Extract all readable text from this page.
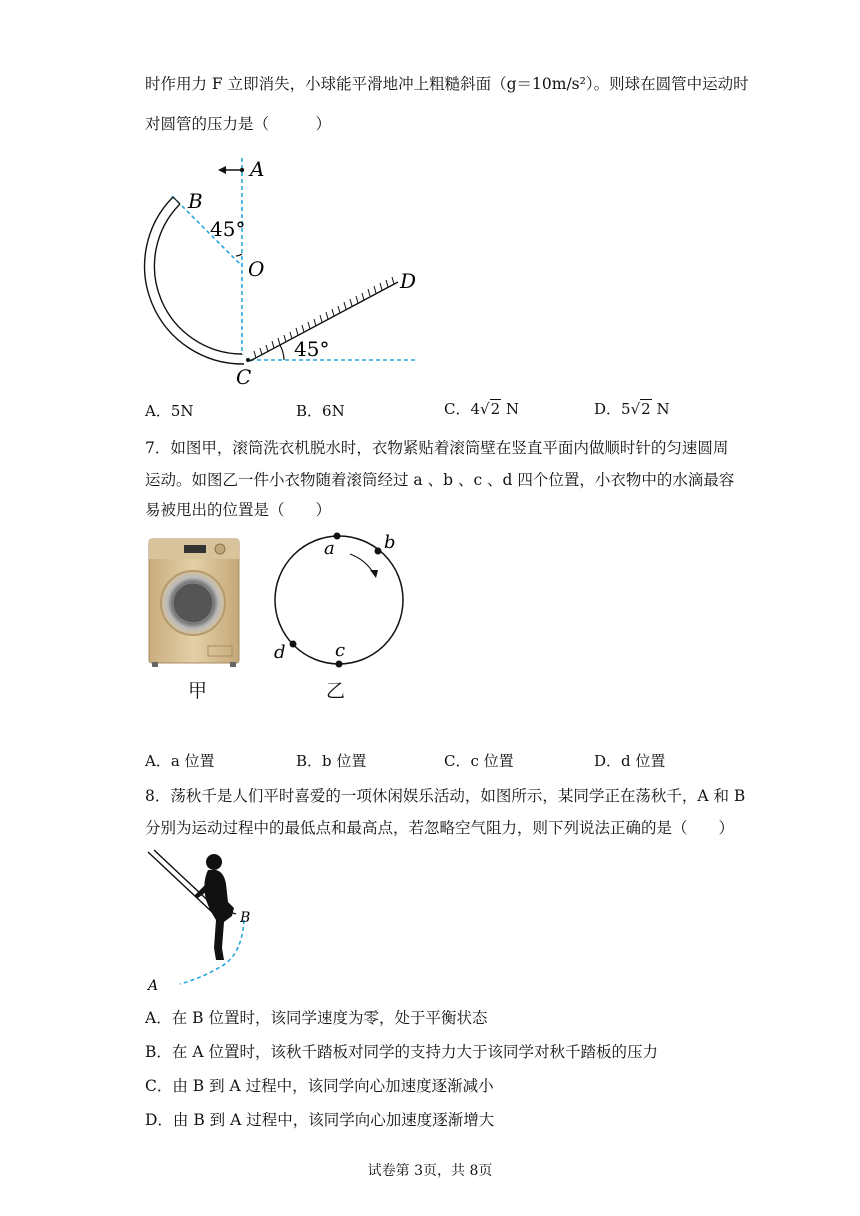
时作用力 F 立即消失，小球能平滑地冲上粗糙斜面（g＝10m/s²）。则球在圆管中运动时
对圆管的压力是（　　　）
A
B
45°
O	D
45°
C
A．5N	B．6N	C．4√2 N	D．5√2 N
7．如图甲，滚筒洗衣机脱水时，衣物紧贴着滚筒壁在竖直平面内做顺时针的匀速圆周
运动。如图乙一件小衣物随着滚筒经过 a 、b 、c 、d 四个位置，小衣物中的水滴最容
易被甩出的位置是（　　）
甲
a	b
c
d
乙
A．a 位置	B．b 位置	C．c 位置	D．d 位置
8．荡秋千是人们平时喜爱的一项休闲娱乐活动，如图所示，某同学正在荡秋千，A 和 B
分别为运动过程中的最低点和最高点，若忽略空气阻力，则下列说法正确的是（　　）
B
A
A．在 B 位置时，该同学速度为零，处于平衡状态
B．在 A 位置时，该秋千踏板对同学的支持力大于该同学对秋千踏板的压力
C．由 B 到 A 过程中，该同学向心加速度逐渐减小
D．由 B 到 A 过程中，该同学向心加速度逐渐增大
试卷第 3页，共 8页
